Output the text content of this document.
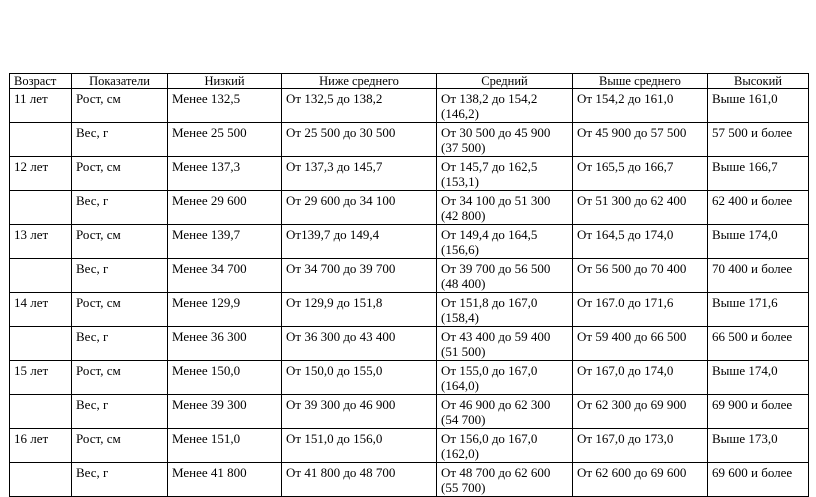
Возраст	Показатели	Низкий	Ниже среднего	Средний	Выше среднего	Высокий
11 лет	Рост, см	Менее 132,5	От 132,5 до 138,2	От 138,2 до 154,2 (146,2)	От 154,2 до 161,0	Выше 161,0
	Вес, г	Менее 25 500	От 25 500 до 30 500	От 30 500 до 45 900 (37 500)	От 45 900 до 57 500	57 500 и более
12 лет	Рост, см	Менее 137,3	От 137,3 до 145,7	От 145,7 до 162,5 (153,1)	От 165,5 до 166,7	Выше 166,7
	Вес, г	Менее 29 600	От 29 600 до 34 100	От 34 100 до 51 300 (42 800)	От 51 300 до 62 400	62 400 и более
13 лет	Рост, см	Менее 139,7	От139,7 до 149,4	От 149,4 до 164,5 (156,6)	От 164,5 до 174,0	Выше 174,0
	Вес, г	Менее 34 700	От 34 700 до 39 700	От 39 700 до 56 500 (48 400)	От 56 500 до 70 400	70 400 и более
14 лет	Рост, см	Менее 129,9	От 129,9 до 151,8	От 151,8 до 167,0 (158,4)	От 167.0 до 171,6	Выше 171,6
	Вес, г	Менее 36 300	От 36 300 до 43 400	От 43 400 до 59 400 (51 500)	От 59 400 до 66 500	66 500 и более
15 лет	Рост, см	Менее 150,0	От 150,0 до 155,0	От 155,0 до 167,0 (164,0)	От 167,0 до 174,0	Выше 174,0
	Вес, г	Менее 39 300	От 39 300 до 46 900	От 46 900 до 62 300 (54 700)	От 62 300 до 69 900	69 900 и более
16 лет	Рост, см	Менее 151,0	От 151,0 до 156,0	От 156,0 до 167,0 (162,0)	От 167,0 до 173,0	Выше 173,0
	Вес, г	Менее 41 800	От 41 800 до 48 700	От 48 700 до 62 600 (55 700)	От 62 600 до 69 600	69 600 и более
